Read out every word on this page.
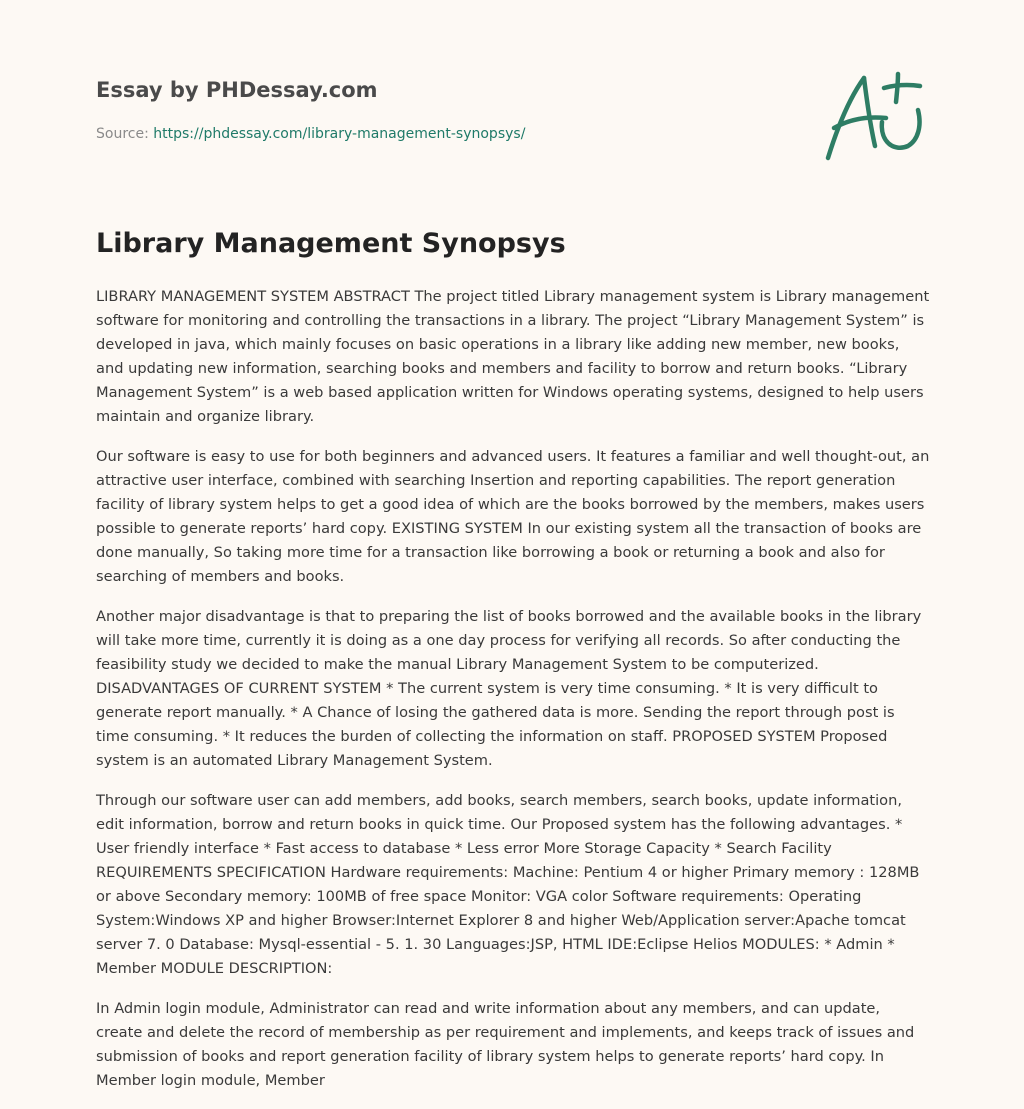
Essay by PHDessay.com
Source: https://phdessay.com/library-management-synopsys/
Library Management Synopsys

LIBRARY MANAGEMENT SYSTEM ABSTRACT The project titled Library management system is Library management software for monitoring and controlling the transactions in a library. The project “Library Management System” is developed in java, which mainly focuses on basic operations in a library like adding new member, new books, and updating new information, searching books and members and facility to borrow and return books. “Library Management System” is a web based application written for Windows operating systems, designed to help users maintain and organize library.

Our software is easy to use for both beginners and advanced users. It features a familiar and well thought-out, an attractive user interface, combined with searching Insertion and reporting capabilities. The report generation facility of library system helps to get a good idea of which are the books borrowed by the members, makes users possible to generate reports’ hard copy. EXISTING SYSTEM In our existing system all the transaction of books are done manually, So taking more time for a transaction like borrowing a book or returning a book and also for searching of members and books.

Another major disadvantage is that to preparing the list of books borrowed and the available books in the library will take more time, currently it is doing as a one day process for verifying all records. So after conducting the feasibility study we decided to make the manual Library Management System to be computerized. DISADVANTAGES OF CURRENT SYSTEM * The current system is very time consuming. * It is very difficult to generate report manually. * A Chance of losing the gathered data is more. Sending the report through post is time consuming. * It reduces the burden of collecting the information on staff. PROPOSED SYSTEM Proposed system is an automated Library Management System.

Through our software user can add members, add books, search members, search books, update information, edit information, borrow and return books in quick time. Our Proposed system has the following advantages. * User friendly interface * Fast access to database * Less error More Storage Capacity * Search Facility REQUIREMENTS SPECIFICATION Hardware requirements: Machine: Pentium 4 or higher Primary memory : 128MB or above Secondary memory: 100MB of free space Monitor: VGA color Software requirements: Operating System:Windows XP and higher Browser:Internet Explorer 8 and higher Web/Application server:Apache tomcat server 7. 0 Database: Mysql-essential - 5. 1. 30 Languages:JSP, HTML IDE:Eclipse Helios MODULES: * Admin * Member MODULE DESCRIPTION:

In Admin login module, Administrator can read and write information about any members, and can update, create and delete the record of membership as per requirement and implements, and keeps track of issues and submission of books and report generation facility of library system helps to generate reports’ hard copy. In Member login module, Member
